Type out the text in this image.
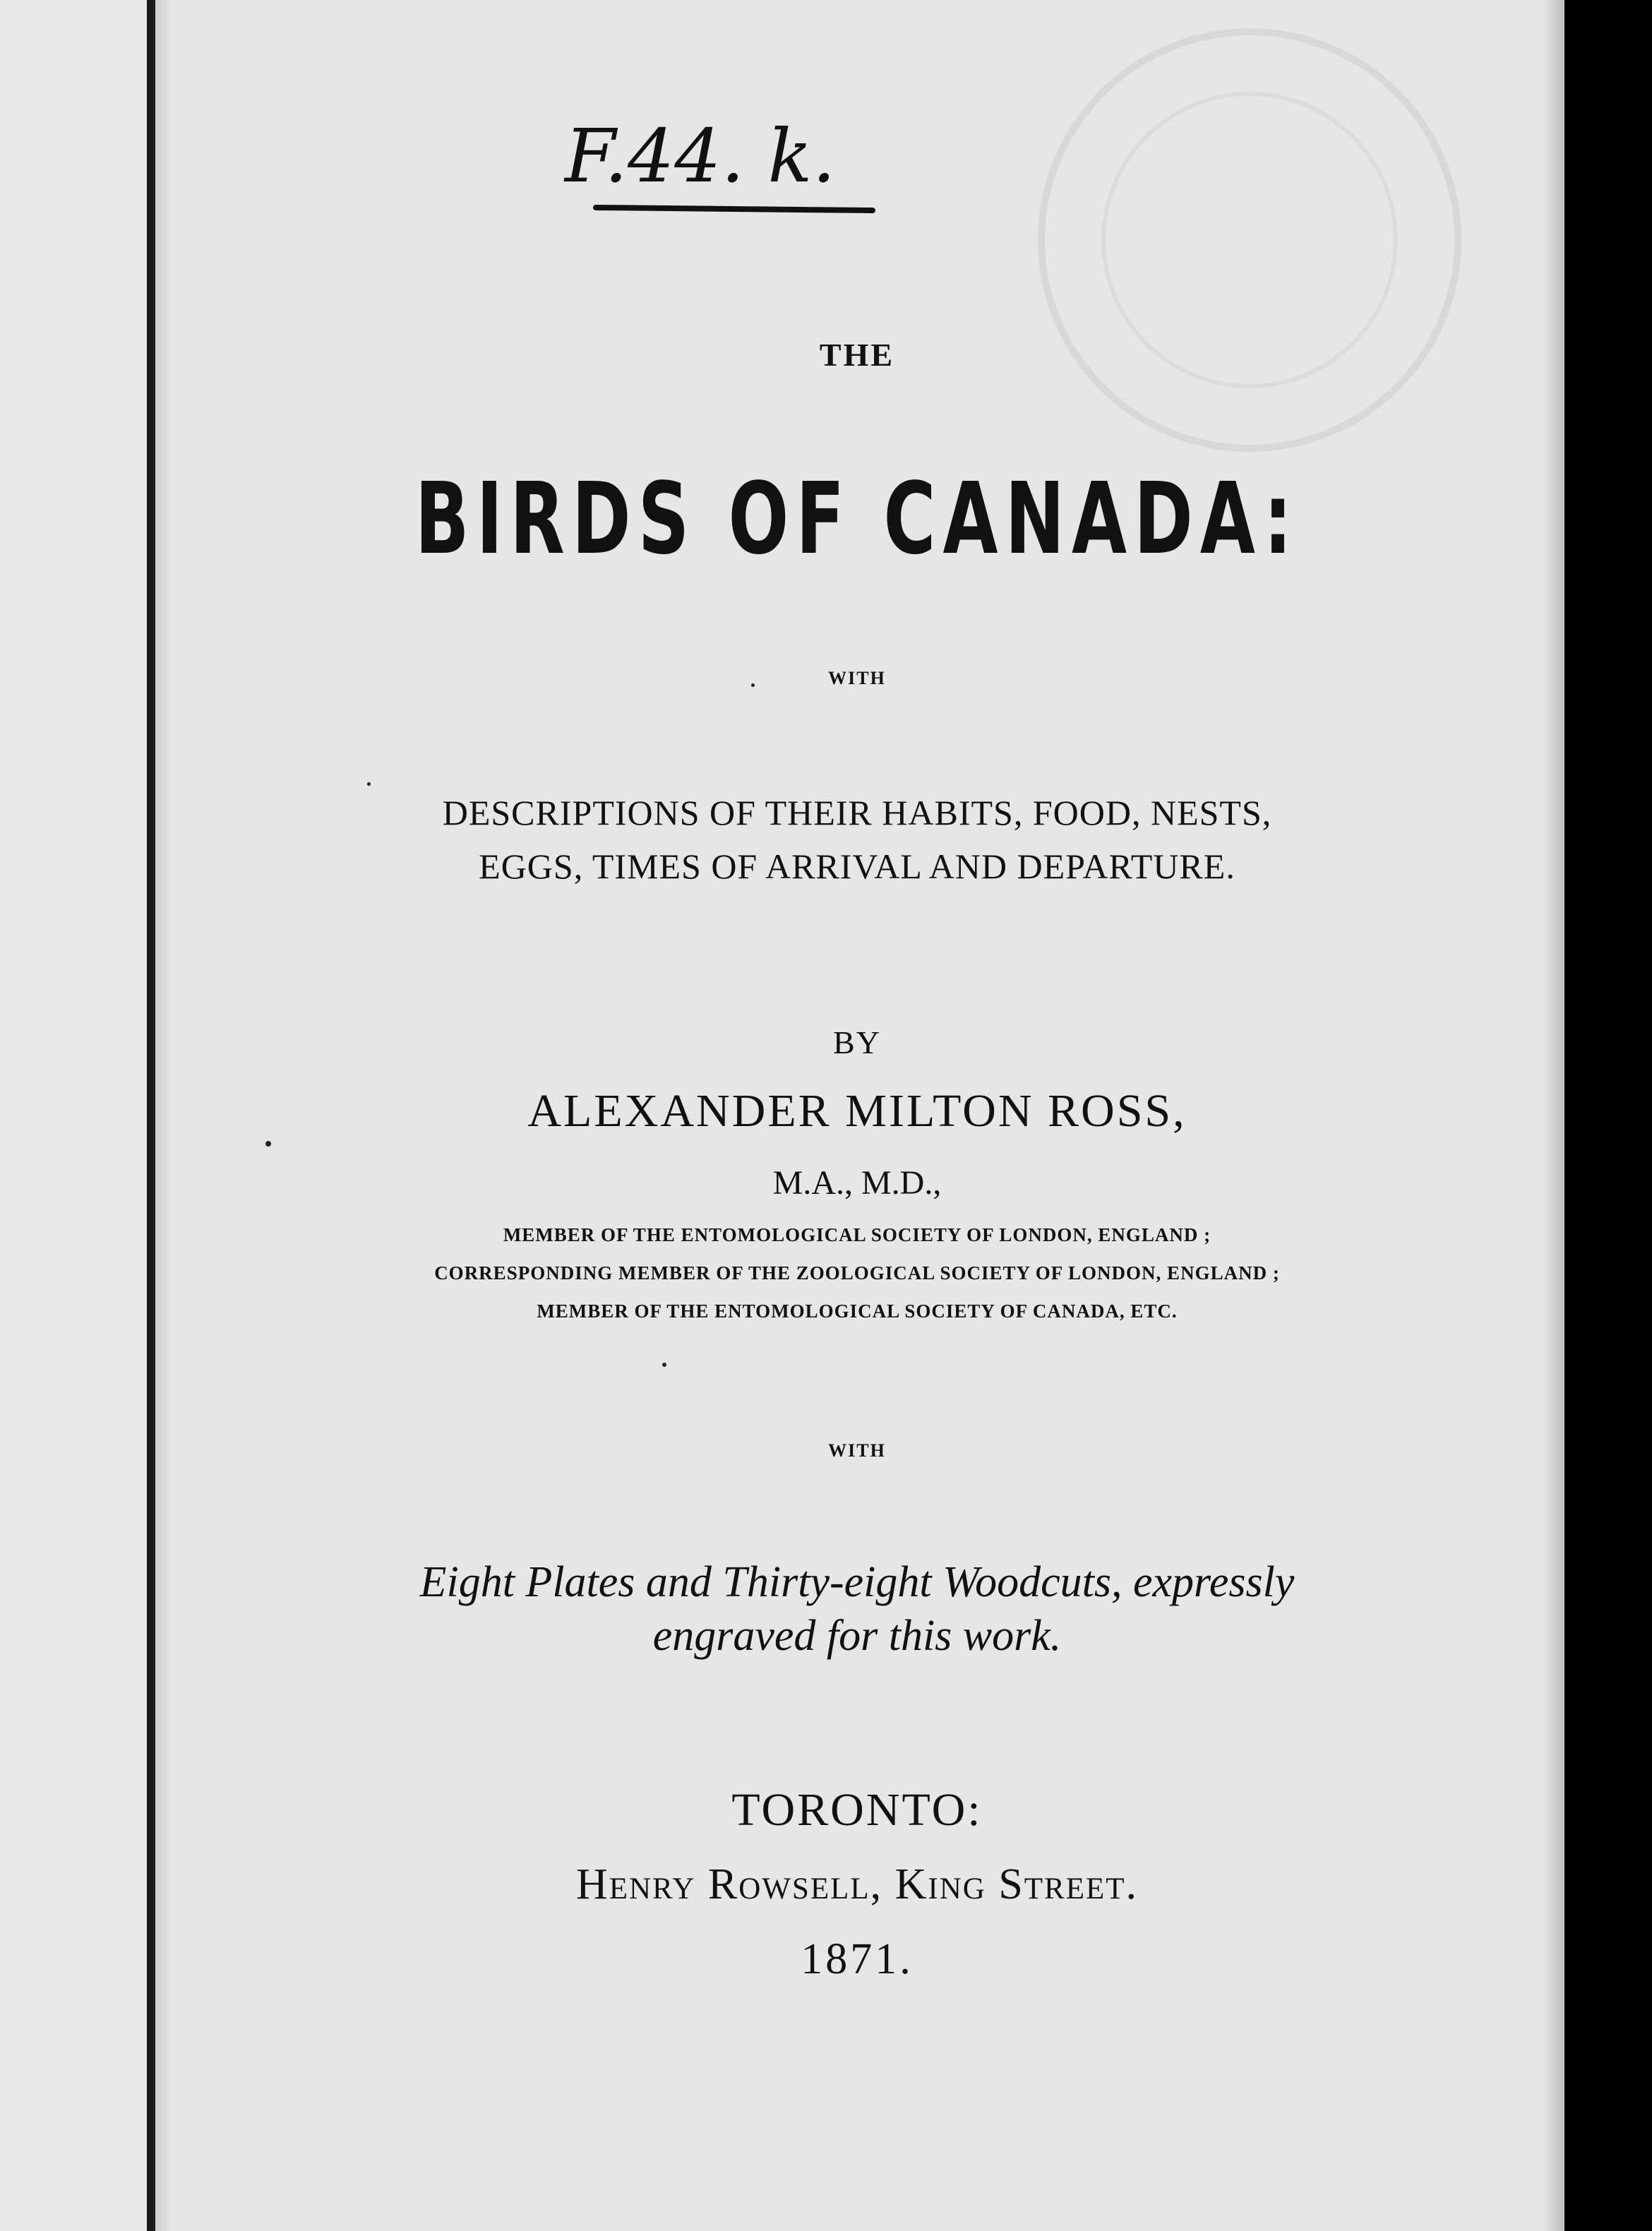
F.44. k.

THE

BIRDS OF CANADA:

WITH

DESCRIPTIONS OF THEIR HABITS, FOOD, NESTS,

EGGS, TIMES OF ARRIVAL AND DEPARTURE.

BY

ALEXANDER MILTON ROSS,

M.A., M.D.,

MEMBER OF THE ENTOMOLOGICAL SOCIETY OF LONDON, ENGLAND ;

CORRESPONDING MEMBER OF THE ZOOLOGICAL SOCIETY OF LONDON, ENGLAND ;

MEMBER OF THE ENTOMOLOGICAL SOCIETY OF CANADA, ETC.

WITH

Eight Plates and Thirty-eight Woodcuts, expressly

engraved for this work.

TORONTO:

Henry Rowsell, King Street.

1871.
